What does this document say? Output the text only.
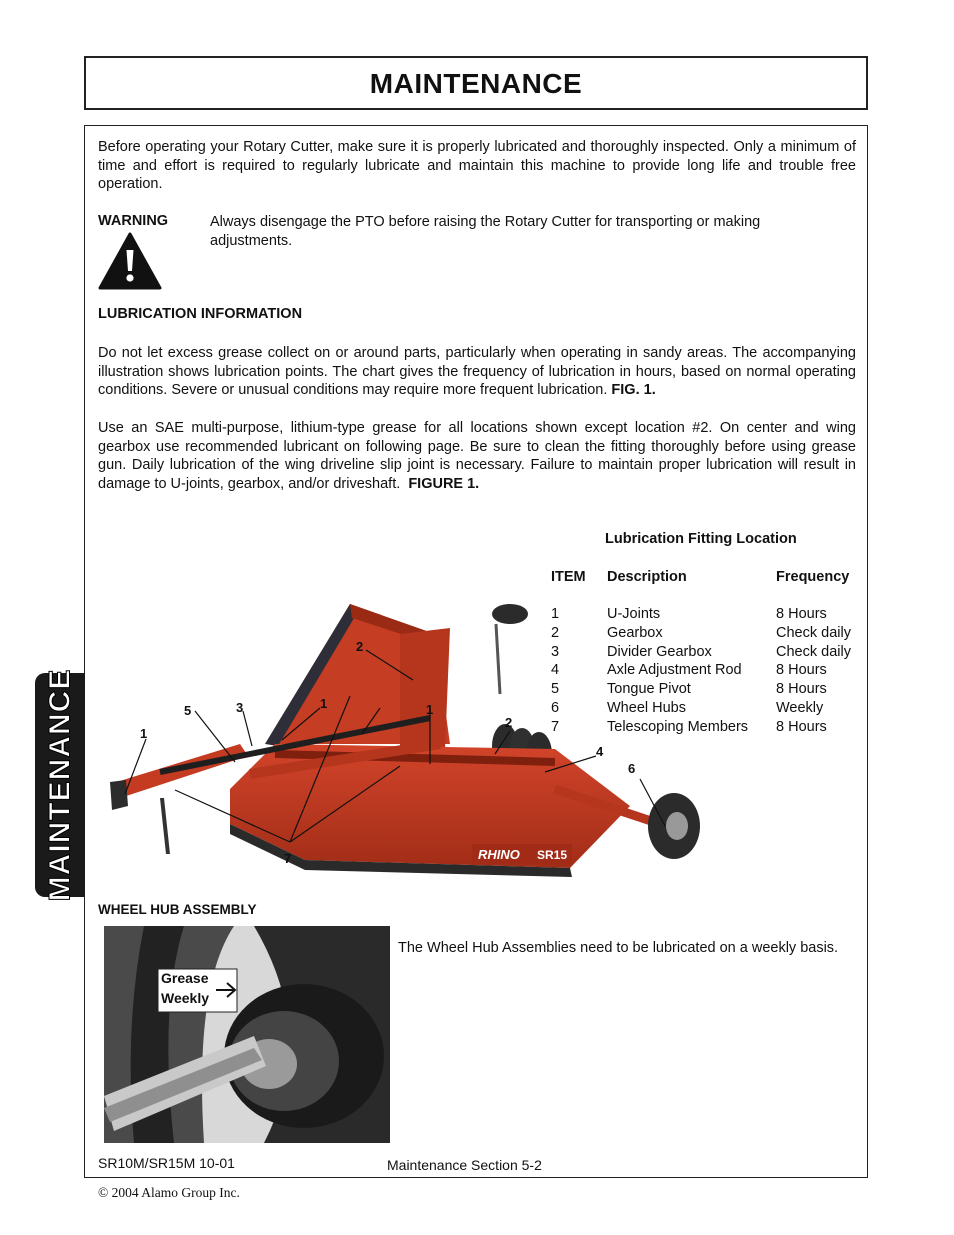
MAINTENANCE
MAINTENANCE
Before operating your Rotary Cutter, make sure it is properly lubricated and thoroughly inspected. Only a minimum of time and effort is required to regularly lubricate and maintain this machine to provide long life and trouble free operation.
WARNING	Always disengage the PTO before raising the Rotary Cutter for transporting or making adjustments.
LUBRICATION INFORMATION
Do not let excess grease collect on or around parts, particularly when operating in sandy areas. The accompanying illustration shows lubrication points. The chart gives the frequency of lubrication in hours, based on normal operating conditions. Severe or unusual conditions may require more frequent lubrication. FIG. 1.
Use an SAE multi-purpose, lithium-type grease for all locations shown except location #2. On center and wing gearbox use recommended lubricant on following page. Be sure to clean the fitting thoroughly before using grease gun. Daily lubrication of the wing driveline slip joint is necessary. Failure to maintain proper lubrication will result in damage to U-joints, gearbox, and/or driveshaft. FIGURE 1.
Lubrication Fitting Location
ITEM Description	Frequency
1	U-Joints	8 Hours
2	Gearbox	Check daily
3	Divider Gearbox	Check daily
4	Axle Adjustment Rod	8 Hours
5	Tongue Pivot	8 Hours
6	Wheel Hubs	Weekly
7	Telescoping Members	8 Hours
RHINO SR15
2
1	1
2
5	3
1
4
6
7
WHEEL HUB ASSEMBLY
Grease
Weekly
The Wheel Hub Assemblies need to be lubricated on a weekly basis.
SR10M/SR15M 10-01	Maintenance Section 5-2
© 2004 Alamo Group Inc.
